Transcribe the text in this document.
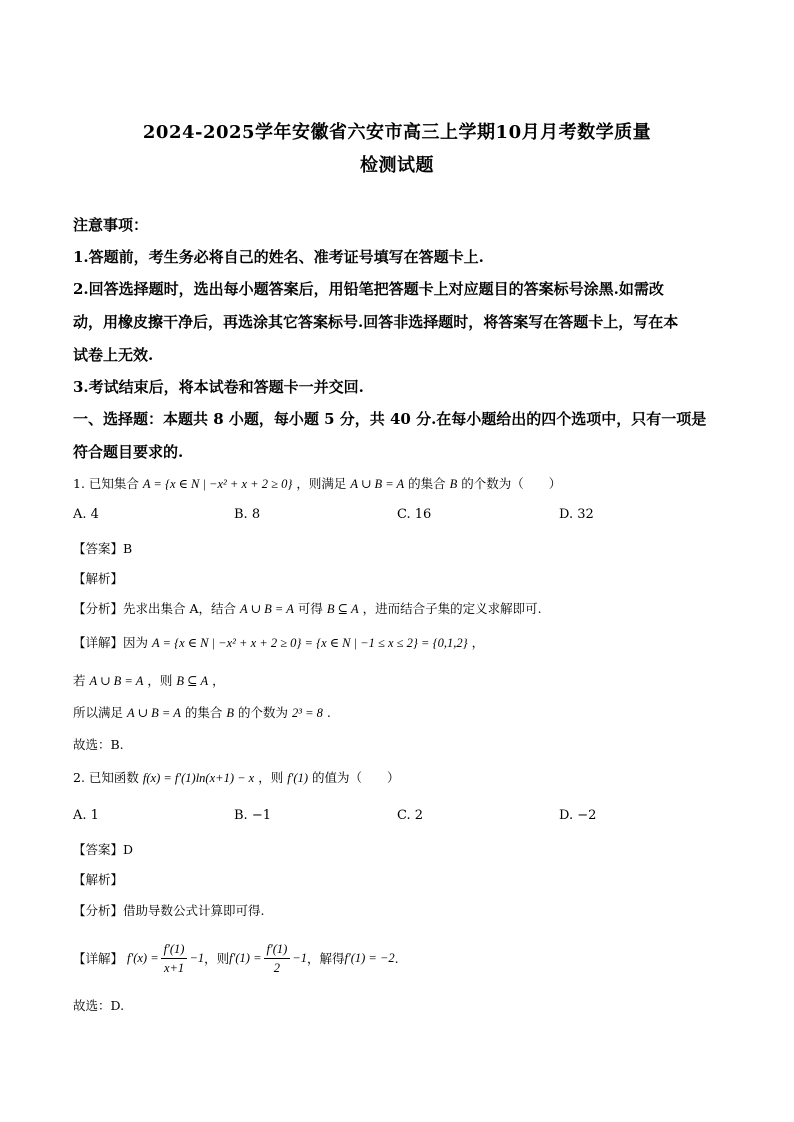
2024-2025学年安徽省六安市高三上学期10月月考数学质量
检测试题
注意事项：
1.答题前，考生务必将自己的姓名、准考证号填写在答题卡上.
2.回答选择题时，选出每小题答案后，用铅笔把答题卡上对应题目的答案标号涂黑.如需改
动，用橡皮擦干净后，再选涂其它答案标号.回答非选择题时，将答案写在答题卡上，写在本
试卷上无效.
3.考试结束后，将本试卷和答题卡一并交回.
一、选择题：本题共 8 小题，每小题 5 分，共 40 分.在每小题给出的四个选项中，只有一项是
符合题目要求的.
1. 已知集合 A = {x ∈ N | −x² + x + 2 ≥ 0} ，则满足 A ∪ B = A 的集合 B 的个数为（　　）
A. 4	B. 8	C. 16	D. 32
【答案】B
【解析】
【分析】先求出集合 A，结合 A ∪ B = A 可得 B ⊆ A ，进而结合子集的定义求解即可.
【详解】因为 A = {x ∈ N | −x² + x + 2 ≥ 0} = {x ∈ N | −1 ≤ x ≤ 2} = {0,1,2} ，
若 A ∪ B = A ，则 B ⊆ A ，
所以满足 A ∪ B = A 的集合 B 的个数为 2³ = 8 .
故选：B.
2. 已知函数 f(x) = f′(1)ln(x+1) − x ，则 f′(1) 的值为（　　）
A. 1	B. −1	C. 2	D. −2
【答案】D
【解析】
【分析】借助导数公式计算即可得.
【详解】 $f'(x) = \frac{f'(1)}{x+1} -1$ ，则 $f'(1) = \frac{f'(1)}{2} -1$ ，解得 f′(1) = −2 .
故选：D.
